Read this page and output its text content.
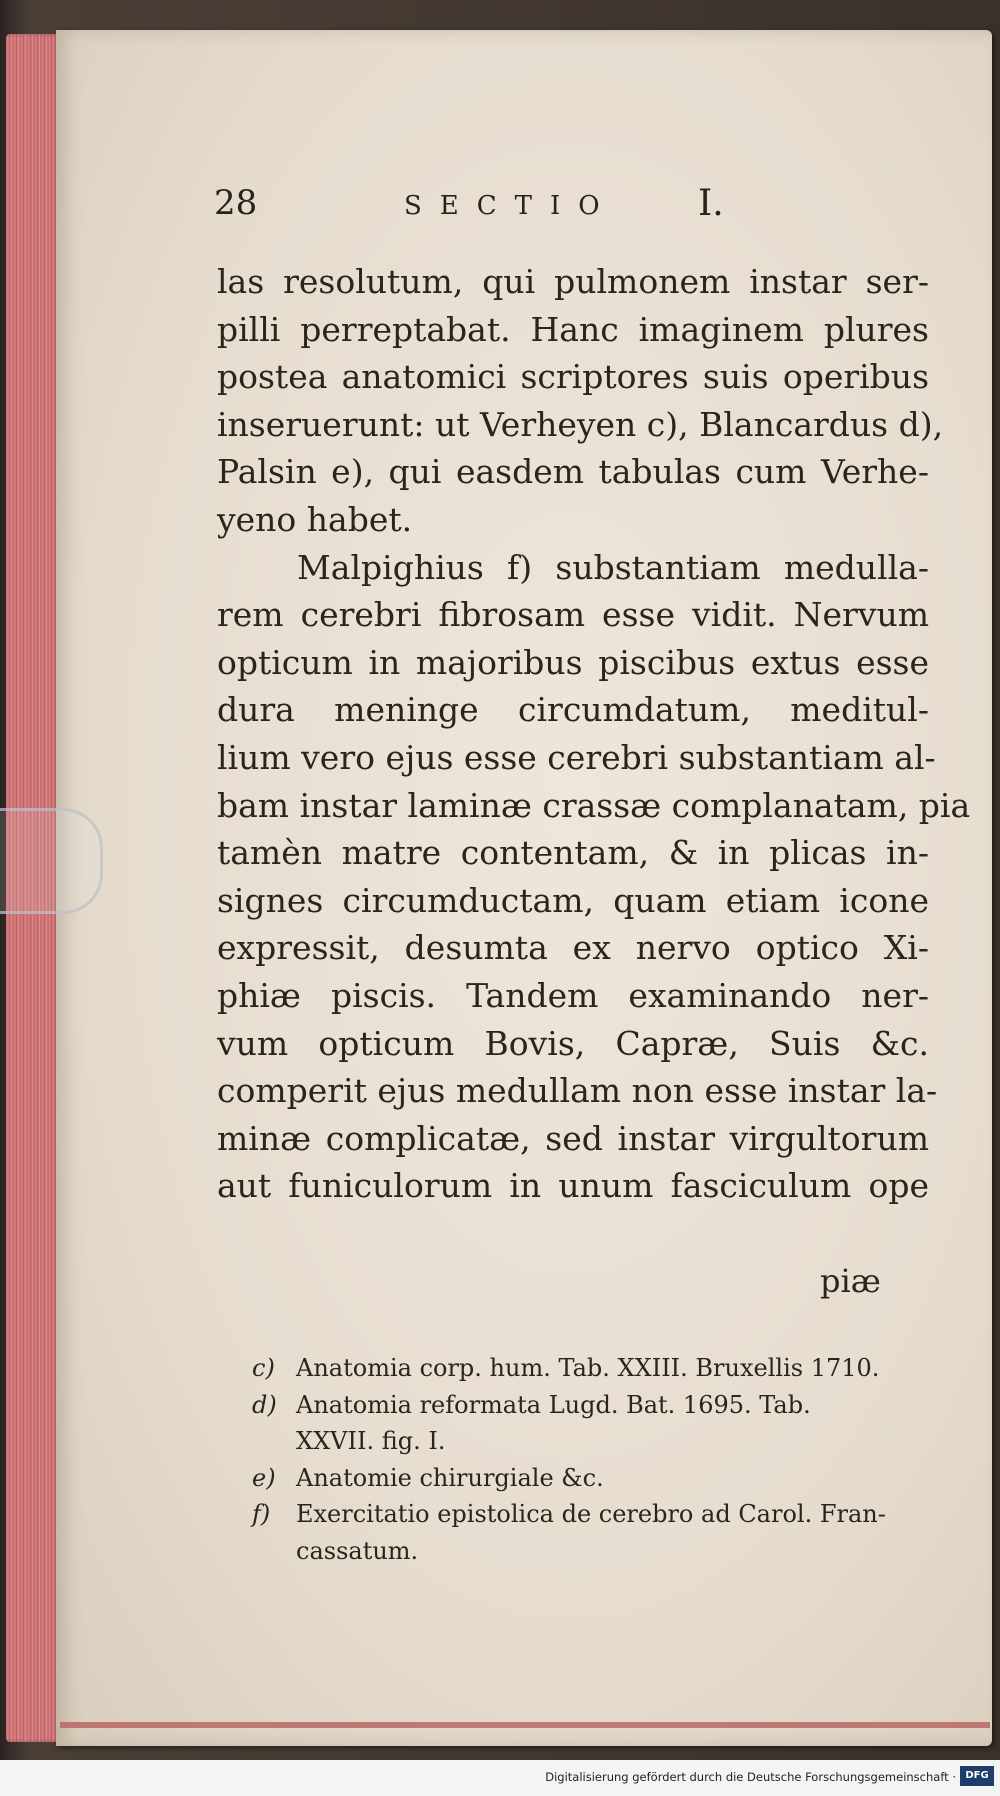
28	SECTIO I.
las resolutum, qui pulmonem instar ser-
pilli perreptabat. Hanc imaginem plures
postea anatomici scriptores suis operibus
inseruerunt: ut Verheyen c), Blancardus d),
Palsin e), qui easdem tabulas cum Verhe-
yeno habet.
Malpighius f) substantiam medulla-
rem cerebri fibrosam esse vidit. Nervum
opticum in majoribus piscibus extus esse
dura meninge circumdatum, meditul-
lium vero ejus esse cerebri substantiam al-
bam instar laminæ crassæ complanatam, pia
tamèn matre contentam, & in plicas in-
signes circumductam, quam etiam icone
expressit, desumta ex nervo optico Xi-
phiæ piscis. Tandem examinando ner-
vum opticum Bovis, Capræ, Suis &c.
comperit ejus medullam non esse instar la-
minæ complicatæ, sed instar virgultorum
aut funiculorum in unum fasciculum ope
piæ
c) Anatomia corp. hum. Tab. XXIII. Bruxellis 1710.
d) Anatomia reformata Lugd. Bat. 1695. Tab.
XXVII. fig. I.
e) Anatomie chirurgiale &c.
f) Exercitatio epistolica de cerebro ad Carol. Fran-
cassatum.
Digitalisierung gefördert durch die Deutsche Forschungsgemeinschaft · DFG
